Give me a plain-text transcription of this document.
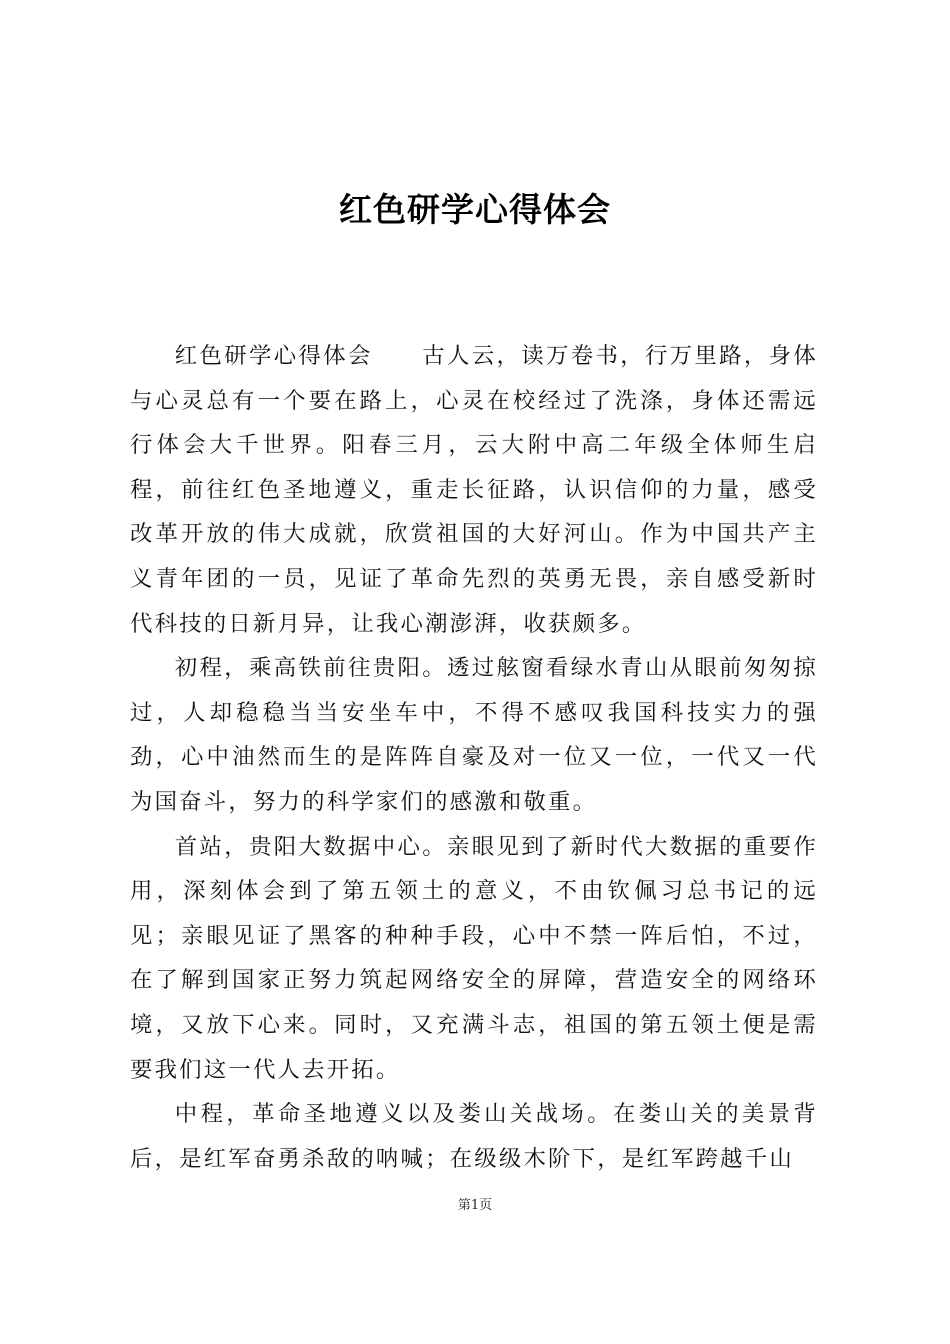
红色研学心得体会

红色研学心得体会　　古人云，读万卷书，行万里路，身体与心灵总有一个要在路上，心灵在校经过了洗涤，身体还需远行体会大千世界。阳春三月，云大附中高二年级全体师生启程，前往红色圣地遵义，重走长征路，认识信仰的力量，感受改革开放的伟大成就，欣赏祖国的大好河山。作为中国共产主义青年团的一员，见证了革命先烈的英勇无畏，亲自感受新时代科技的日新月异，让我心潮澎湃，收获颇多。

初程，乘高铁前往贵阳。透过舷窗看绿水青山从眼前匆匆掠过，人却稳稳当当安坐车中，不得不感叹我国科技实力的强劲，心中油然而生的是阵阵自豪及对一位又一位，一代又一代为国奋斗，努力的科学家们的感激和敬重。

首站，贵阳大数据中心。亲眼见到了新时代大数据的重要作用，深刻体会到了第五领土的意义，不由钦佩习总书记的远见；亲眼见证了黑客的种种手段，心中不禁一阵后怕，不过，在了解到国家正努力筑起网络安全的屏障，营造安全的网络环境，又放下心来。同时，又充满斗志，祖国的第五领土便是需要我们这一代人去开拓。

中程，革命圣地遵义以及娄山关战场。在娄山关的美景背后，是红军奋勇杀敌的呐喊；在级级木阶下，是红军跨越千山

第1页
